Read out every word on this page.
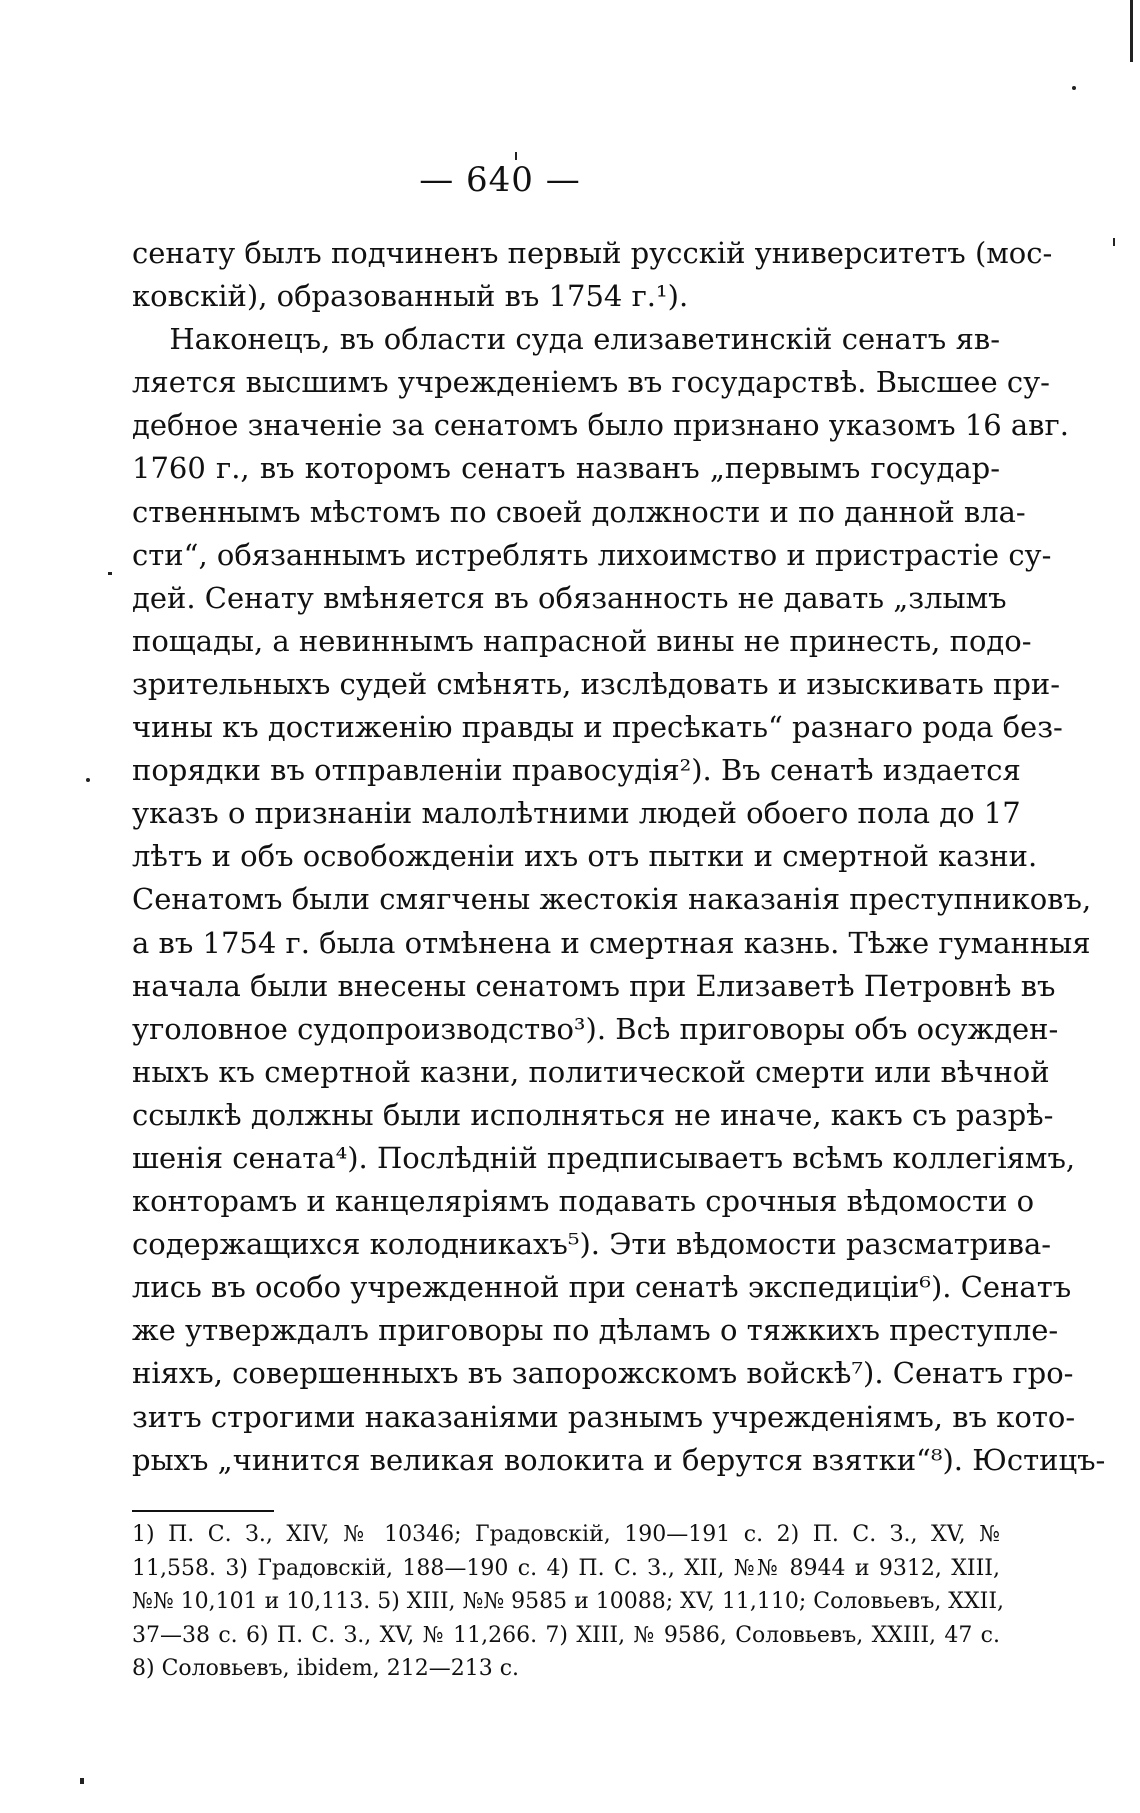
— 640 —
сенату былъ подчиненъ первый русскій университетъ (мос-
ковскій), образованный въ 1754 г.¹).
Наконецъ, въ области суда елизаветинскій сенатъ яв-
ляется высшимъ учрежденіемъ въ государствѣ. Высшее су-
дебное значеніе за сенатомъ было признано указомъ 16 авг.
1760 г., въ которомъ сенатъ названъ „первымъ государ-
ственнымъ мѣстомъ по своей должности и по данной вла-
сти“, обязаннымъ истреблять лихоимство и пристрастіе су-
дей. Сенату вмѣняется въ обязанность не давать „злымъ
пощады, а невиннымъ напрасной вины не принесть, подо-
зрительныхъ судей смѣнять, изслѣдовать и изыскивать при-
чины къ достиженію правды и пресѣкать“ разнаго рода без-
порядки въ отправленіи правосудія²). Въ сенатѣ издается
указъ о признаніи малолѣтними людей обоего пола до 17
лѣтъ и объ освобожденіи ихъ отъ пытки и смертной казни.
Сенатомъ были смягчены жестокія наказанія преступниковъ,
а въ 1754 г. была отмѣнена и смертная казнь. Тѣже гуманныя
начала были внесены сенатомъ при Елизаветѣ Петровнѣ въ
уголовное судопроизводство³). Всѣ приговоры объ осужден-
ныхъ къ смертной казни, политической смерти или вѣчной
ссылкѣ должны были исполняться не иначе, какъ съ разрѣ-
шенія сената⁴). Послѣдній предписываетъ всѣмъ коллегіямъ,
конторамъ и канцеляріямъ подавать срочныя вѣдомости о
содержащихся колодникахъ⁵). Эти вѣдомости разсматрива-
лись въ особо учрежденной при сенатѣ экспедиціи⁶). Сенатъ
же утверждалъ приговоры по дѣламъ о тяжкихъ преступле-
ніяхъ, совершенныхъ въ запорожскомъ войскѣ⁷). Сенатъ гро-
зитъ строгими наказаніями разнымъ учрежденіямъ, въ кото-
рыхъ „чинится великая волокита и берутся взятки“⁸). Юстицъ-
1) П. С. З., XIV, № 10346; Градовскій, 190—191 с. 2) П. С. З., XV, №
11,558. 3) Градовскій, 188—190 с. 4) П. С. З., XII, №№ 8944 и 9312, XIII,
№№ 10,101 и 10,113. 5) XIII, №№ 9585 и 10088; XV, 11,110; Соловьевъ, XXII,
37—38 с. 6) П. С. З., XV, № 11,266. 7) XIII, № 9586, Соловьевъ, XXIII, 47 с.
8) Соловьевъ, ibidem, 212—213 с.
